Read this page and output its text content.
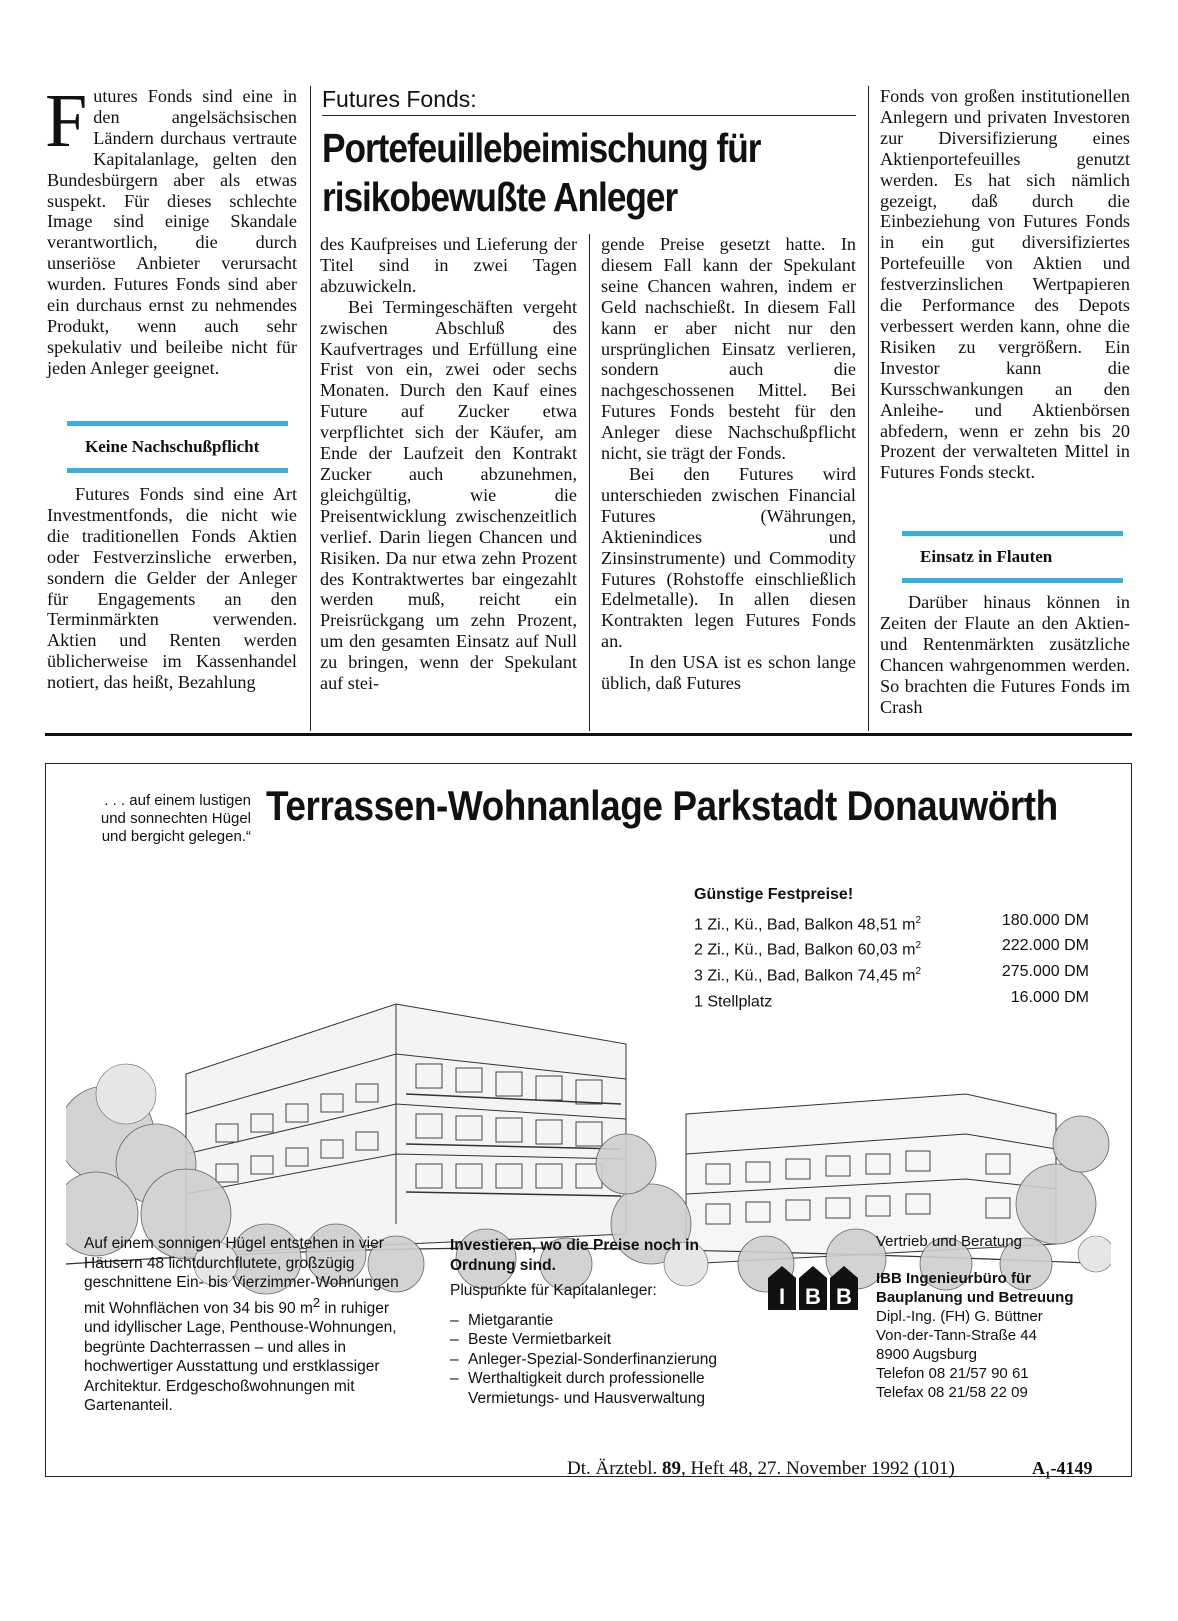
Futures Fonds sind eine in den angelsächsischen Ländern durchaus vertraute Kapitalanlage, gelten den Bundesbürgern aber als etwas suspekt. Für dieses schlechte Image sind einige Skandale verantwortlich, die durch unseriöse Anbieter verursacht wurden. Futures Fonds sind aber ein durchaus ernst zu nehmendes Produkt, wenn auch sehr spekulativ und beileibe nicht für jeden Anleger geeignet.

Keine Nachschußpflicht

Futures Fonds sind eine Art Investmentfonds, die nicht wie die traditionellen Fonds Aktien oder Festverzinsliche erwerben, sondern die Gelder der Anleger für Engagements an den Terminmärkten verwenden. Aktien und Renten werden üblicherweise im Kassenhandel notiert, das heißt, Bezahlung

Futures Fonds:
Portefeuillebeimischung für
risikobewußte Anleger

des Kaufpreises und Lieferung der Titel sind in zwei Tagen abzuwickeln.

Bei Termingeschäften vergeht zwischen Abschluß des Kaufvertrages und Erfüllung eine Frist von ein, zwei oder sechs Monaten. Durch den Kauf eines Future auf Zucker etwa verpflichtet sich der Käufer, am Ende der Laufzeit den Kontrakt Zucker auch abzunehmen, gleichgültig, wie die Preisentwicklung zwischenzeitlich verlief. Darin liegen Chancen und Risiken. Da nur etwa zehn Prozent des Kontraktwertes bar eingezahlt werden muß, reicht ein Preisrückgang um zehn Prozent, um den gesamten Einsatz auf Null zu bringen, wenn der Spekulant auf stei-

gende Preise gesetzt hatte. In diesem Fall kann der Spekulant seine Chancen wahren, indem er Geld nachschießt. In diesem Fall kann er aber nicht nur den ursprünglichen Einsatz verlieren, sondern auch die nachgeschossenen Mittel. Bei Futures Fonds besteht für den Anleger diese Nachschußpflicht nicht, sie trägt der Fonds.

Bei den Futures wird unterschieden zwischen Financial Futures (Währungen, Aktienindices und Zinsinstrumente) und Commodity Futures (Rohstoffe einschließlich Edelmetalle). In allen diesen Kontrakten legen Futures Fonds an.

In den USA ist es schon lange üblich, daß Futures

Fonds von großen institutionellen Anlegern und privaten Investoren zur Diversifizierung eines Aktienportefeuilles genutzt werden. Es hat sich nämlich gezeigt, daß durch die Einbeziehung von Futures Fonds in ein gut diversifiziertes Portefeuille von Aktien und festverzinslichen Wertpapieren die Performance des Depots verbessert werden kann, ohne die Risiken zu vergrößern. Ein Investor kann die Kursschwankungen an den Anleihe- und Aktienbörsen abfedern, wenn er zehn bis 20 Prozent der verwalteten Mittel in Futures Fonds steckt.

Einsatz in Flauten

Darüber hinaus können in Zeiten der Flaute an den Aktien- und Rentenmärkten zusätzliche Chancen wahrgenommen werden. So brachten die Futures Fonds im Crash

. . . auf einem lustigen und sonnechten Hügel und bergicht gelegen.“
Terrassen-Wohnanlage Parkstadt Donauwörth
Günstige Festpreise!
1 Zi., Kü., Bad, Balkon 48,51 $m^2$	180.000 DM
2 Zi., Kü., Bad, Balkon 60,03 $m^2$	222.000 DM
3 Zi., Kü., Bad, Balkon 74,45 $m^2$	275.000 DM
1 Stellplatz	16.000 DM
Auf einem sonnigen Hügel entstehen in vier Häusern 48 lichtdurchflutete, großzügig geschnittene Ein- bis Vierzimmer-Wohnungen mit Wohnflächen von 34 bis 90 $m^2$ in ruhiger und idyllischer Lage, Penthouse-Wohnungen, begrünte Dachterrassen – und alles in hochwertiger Ausstattung und erstklassiger Architektur. Erdgeschoßwohnungen mit Gartenanteil.
Investieren, wo die Preise noch in Ordnung sind.
Pluspunkte für Kapitalanleger:
– Mietgarantie
– Beste Vermietbarkeit
– Anleger-Spezial-Sonderfinanzierung
– Werthaltigkeit durch professionelle Vermietungs- und Hausverwaltung
I B B
Vertrieb und Beratung
IBB Ingenieurbüro für Bauplanung und Betreuung
Dipl.-Ing. (FH) G. Büttner
Von-der-Tann-Straße 44
8900 Augsburg
Telefon 08 21/57 90 61
Telefax 08 21/58 22 09
Dt. Ärztebl. 89, Heft 48, 27. November 1992 (101)	$A_1-4149$
